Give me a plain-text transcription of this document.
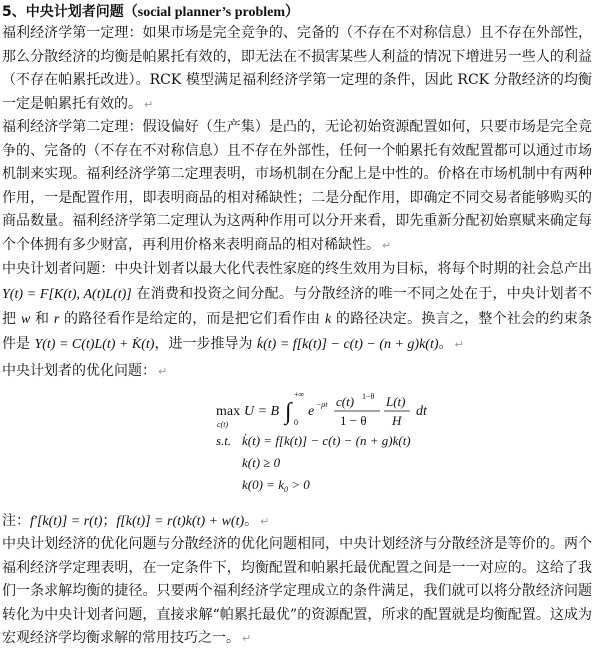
5、中央计划者问题（social planner’s problem）

福利经济学第一定理：如果市场是完全竞争的、完备的（不存在不对称信息）且不存在外部性，那么分散经济的均衡是帕累托有效的，即无法在不损害某些人利益的情况下增进另一些人的利益（不存在帕累托改进）。RCK 模型满足福利经济学第一定理的条件，因此 RCK 分散经济的均衡一定是帕累托有效的。 ↵

福利经济学第二定理：假设偏好（生产集）是凸的，无论初始资源配置如何，只要市场是完全竞争的、完备的（不存在不对称信息）且不存在外部性，任何一个帕累托有效配置都可以通过市场机制来实现。福利经济学第二定理表明，市场机制在分配上是中性的。价格在市场机制中有两种作用，一是配置作用，即表明商品的相对稀缺性；二是分配作用，即确定不同交易者能够购买的商品数量。福利经济学第二定理认为这两种作用可以分开来看，即先重新分配初始禀赋来确定每个个体拥有多少财富，再利用价格来表明商品的相对稀缺性。 ↵

中央计划者问题：中央计划者以最大化代表性家庭的终生效用为目标，将每个时期的社会总产出 Y(t) = F[K(t), A(t)L(t)] 在消费和投资之间分配。与分散经济的唯一不同之处在于，中央计划者不把 w 和 r 的路径看作是给定的，而是把它们看作由 k 的路径决定。换言之，整个社会的约束条件是 Y(t) = C(t)L(t) + K̇(t)，进一步推导为 k̇(t) = f[k(t)] − c(t) − (n + g)k(t)。 ↵

中央计划者的优化问题： ↵

max
c(t)
U = B ∫
+∞
0
e −ρt c(t) 1−θ
1 − θ
L(t)
H
dt
s.t. k̇(t) = f[k(t)] − c(t) − (n + g)k(t)
k(t) ≥ 0
$k(0) = k_0 > 0$

注：f′[k(t)] = r(t)；f[k(t)] = r(t)k(t) + w(t)。 ↵

中央计划经济的优化问题与分散经济的优化问题相同，中央计划经济与分散经济是等价的。两个福利经济学定理表明，在一定条件下，均衡配置和帕累托最优配置之间是一一对应的。这给了我们一条求解均衡的捷径。只要两个福利经济学定理成立的条件满足，我们就可以将分散经济问题转化为中央计划者问题，直接求解“帕累托最优”的资源配置，所求的配置就是均衡配置。这成为宏观经济学均衡求解的常用技巧之一。 ↵
